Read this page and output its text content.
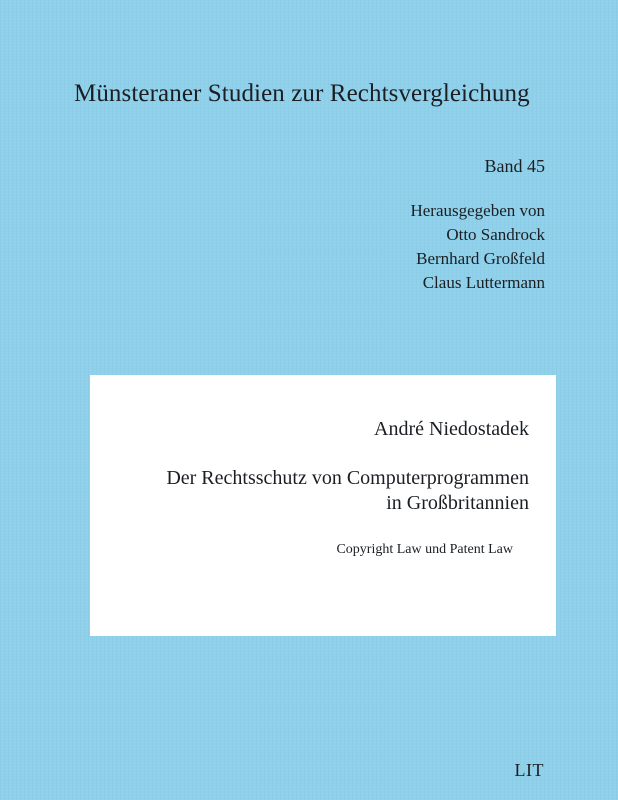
Münsteraner Studien zur Rechtsvergleichung
Band 45
Herausgegeben von
Otto Sandrock
Bernhard Großfeld
Claus Luttermann
André Niedostadek
Der Rechtsschutz von Computerprogrammen
in Großbritannien
Copyright Law und Patent Law
LIT
